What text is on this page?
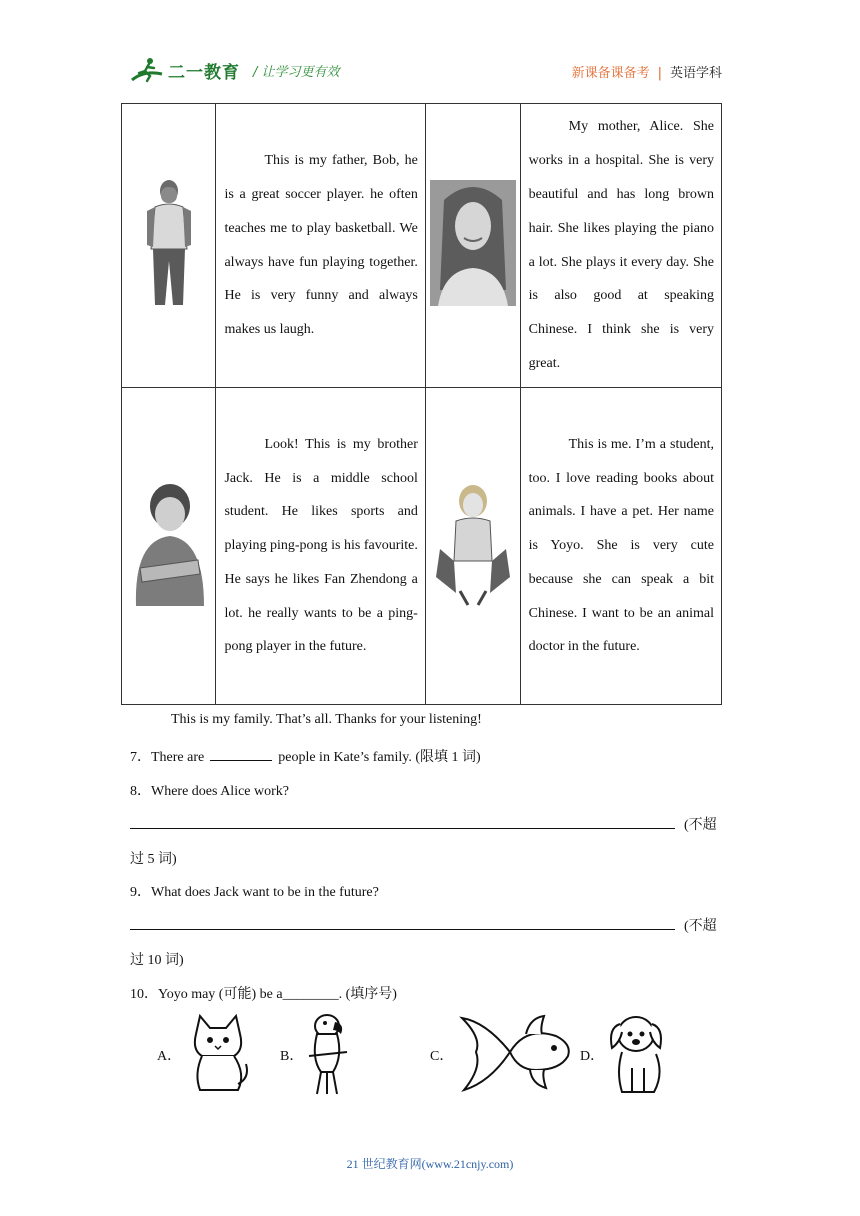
二一教育 / 让学习更有效	新课备课备考 | 英语学科
	This is my father, Bob, he is a great soccer player. he often teaches me to play basketball. We always have fun playing together. He is very funny and always makes us laugh.		My mother, Alice. She works in a hospital. She is very beautiful and has long brown hair. She likes playing the piano a lot. She plays it every day. She is also good at speaking Chinese. I think she is very great.
	Look! This is my brother Jack. He is a middle school student. He likes sports and playing ping-pong is his favourite. He says he likes Fan Zhendong a lot. he really wants to be a ping-pong player in the future.		This is me. I’m a student, too. I love reading books about animals. I have a pet. Her name is Yoyo. She is very cute because she can speak a bit Chinese. I want to be an animal doctor in the future.
This is my family. That’s all. Thanks for your listening!
7．There are	people in Kate’s family. (限填 1 词)
8．Where does Alice work?
(不超
过 5 词)
9．What does Jack want to be in the future?
(不超
过 10 词)
10．Yoyo may (可能) be a________. (填序号)
A．	B．	C．	D．
21 世纪教育网(www.21cnjy.com)
